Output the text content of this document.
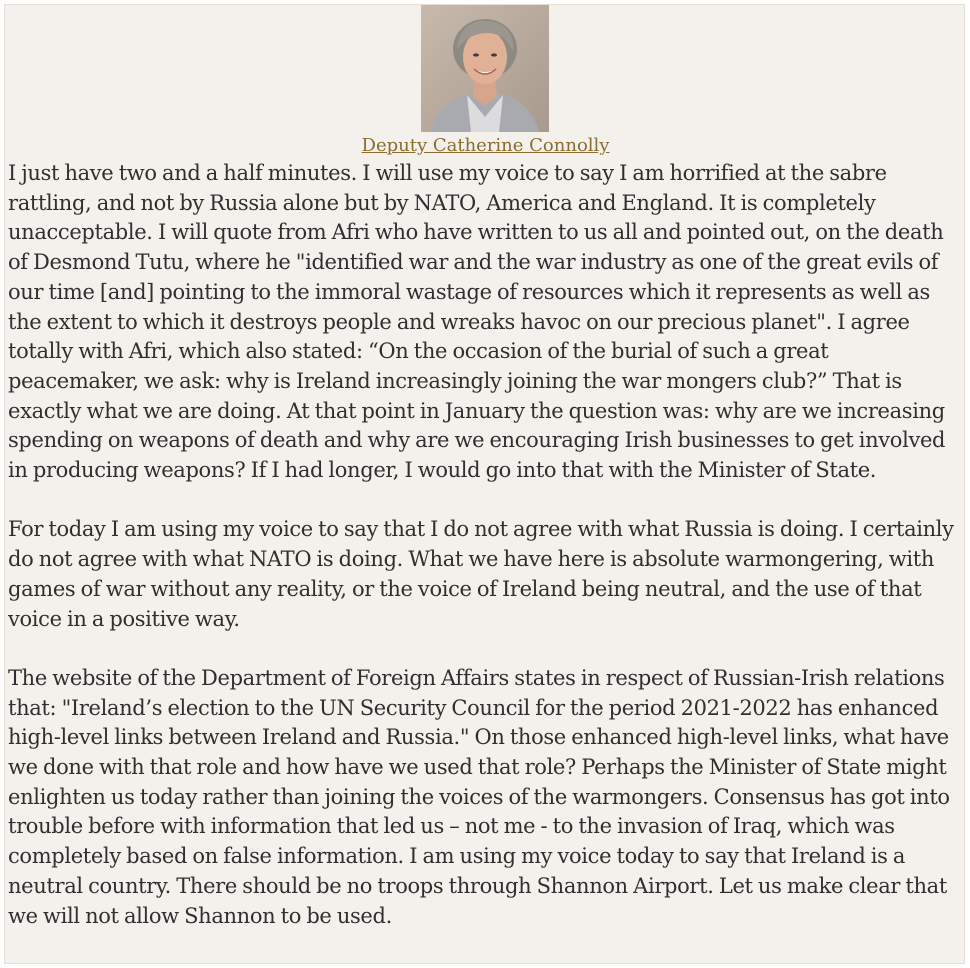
Deputy Catherine Connolly

I just have two and a half minutes. I will use my voice to say I am horrified at the sabre rattling, and not by Russia alone but by NATO, America and England. It is completely unacceptable. I will quote from Afri who have written to us all and pointed out, on the death of Desmond Tutu, where he "identified war and the war industry as one of the great evils of our time [and] pointing to the immoral wastage of resources which it represents as well as the extent to which it destroys people and wreaks havoc on our precious planet". I agree totally with Afri, which also stated: “On the occasion of the burial of such a great peacemaker, we ask: why is Ireland increasingly joining the war mongers club?” That is exactly what we are doing. At that point in January the question was: why are we increasing spending on weapons of death and why are we encouraging Irish businesses to get involved in producing weapons? If I had longer, I would go into that with the Minister of State.

For today I am using my voice to say that I do not agree with what Russia is doing. I certainly do not agree with what NATO is doing. What we have here is absolute warmongering, with games of war without any reality, or the voice of Ireland being neutral, and the use of that voice in a positive way.

The website of the Department of Foreign Affairs states in respect of Russian-Irish relations that: "Ireland’s election to the UN Security Council for the period 2021-2022 has enhanced high-level links between Ireland and Russia." On those enhanced high-level links, what have we done with that role and how have we used that role? Perhaps the Minister of State might enlighten us today rather than joining the voices of the warmongers. Consensus has got into trouble before with information that led us – not me - to the invasion of Iraq, which was completely based on false information. I am using my voice today to say that Ireland is a neutral country. There should be no troops through Shannon Airport. Let us make clear that we will not allow Shannon to be used.
